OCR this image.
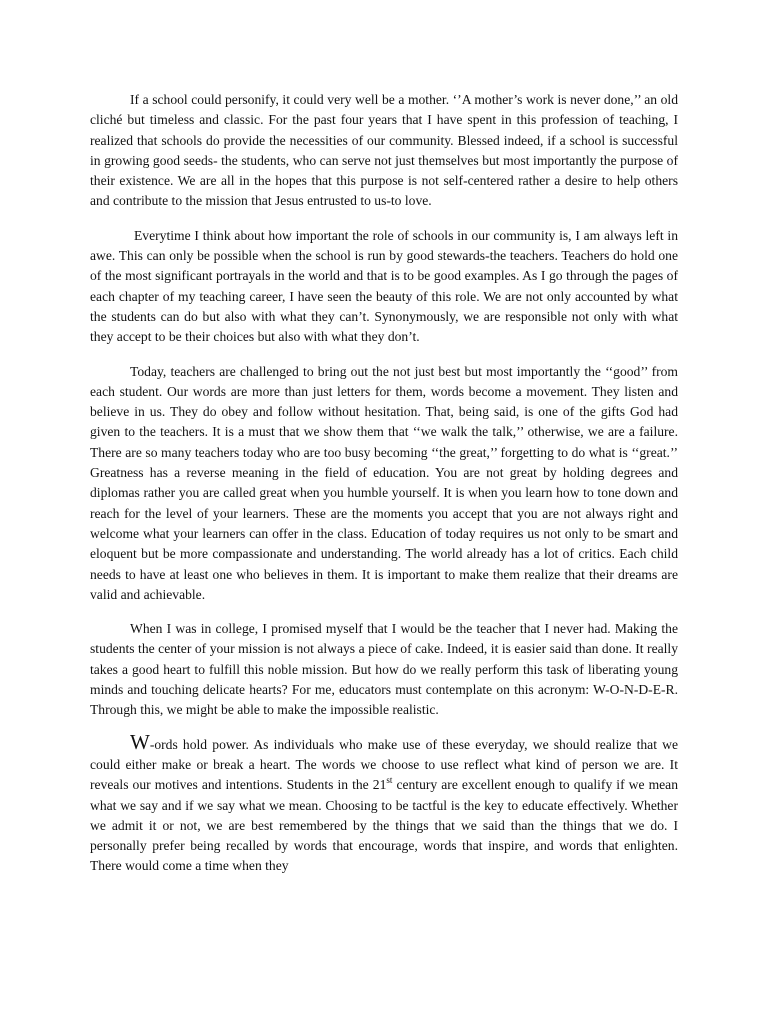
If a school could personify, it could very well be a mother. ‘’A mother’s work is never done,’’ an old cliché but timeless and classic. For the past four years that I have spent in this profession of teaching, I realized that schools do provide the necessities of our community. Blessed indeed, if a school is successful in growing good seeds- the students, who can serve not just themselves but most importantly the purpose of their existence. We are all in the hopes that this purpose is not self-centered rather a desire to help others and contribute to the mission that Jesus entrusted to us-to love.

Everytime I think about how important the role of schools in our community is, I am always left in awe. This can only be possible when the school is run by good stewards-the teachers. Teachers do hold one of the most significant portrayals in the world and that is to be good examples. As I go through the pages of each chapter of my teaching career, I have seen the beauty of this role. We are not only accounted by what the students can do but also with what they can’t. Synonymously, we are responsible not only with what they accept to be their choices but also with what they don’t.

Today, teachers are challenged to bring out the not just best but most importantly the ‘‘good’’ from each student. Our words are more than just letters for them, words become a movement. They listen and believe in us. They do obey and follow without hesitation. That, being said, is one of the gifts God had given to the teachers. It is a must that we show them that ‘‘we walk the talk,’’ otherwise, we are a failure. There are so many teachers today who are too busy becoming ‘‘the great,’’ forgetting to do what is ‘‘great.’’ Greatness has a reverse meaning in the field of education. You are not great by holding degrees and diplomas rather you are called great when you humble yourself. It is when you learn how to tone down and reach for the level of your learners. These are the moments you accept that you are not always right and welcome what your learners can offer in the class. Education of today requires us not only to be smart and eloquent but be more compassionate and understanding. The world already has a lot of critics. Each child needs to have at least one who believes in them. It is important to make them realize that their dreams are valid and achievable.

When I was in college, I promised myself that I would be the teacher that I never had. Making the students the center of your mission is not always a piece of cake. Indeed, it is easier said than done. It really takes a good heart to fulfill this noble mission. But how do we really perform this task of liberating young minds and touching delicate hearts? For me, educators must contemplate on this acronym: W-O-N-D-E-R. Through this, we might be able to make the impossible realistic.

W-ords hold power. As individuals who make use of these everyday, we should realize that we could either make or break a heart. The words we choose to use reflect what kind of person we are. It reveals our motives and intentions. Students in the 21st century are excellent enough to qualify if we mean what we say and if we say what we mean. Choosing to be tactful is the key to educate effectively. Whether we admit it or not, we are best remembered by the things that we said than the things that we do. I personally prefer being recalled by words that encourage, words that inspire, and words that enlighten. There would come a time when they
